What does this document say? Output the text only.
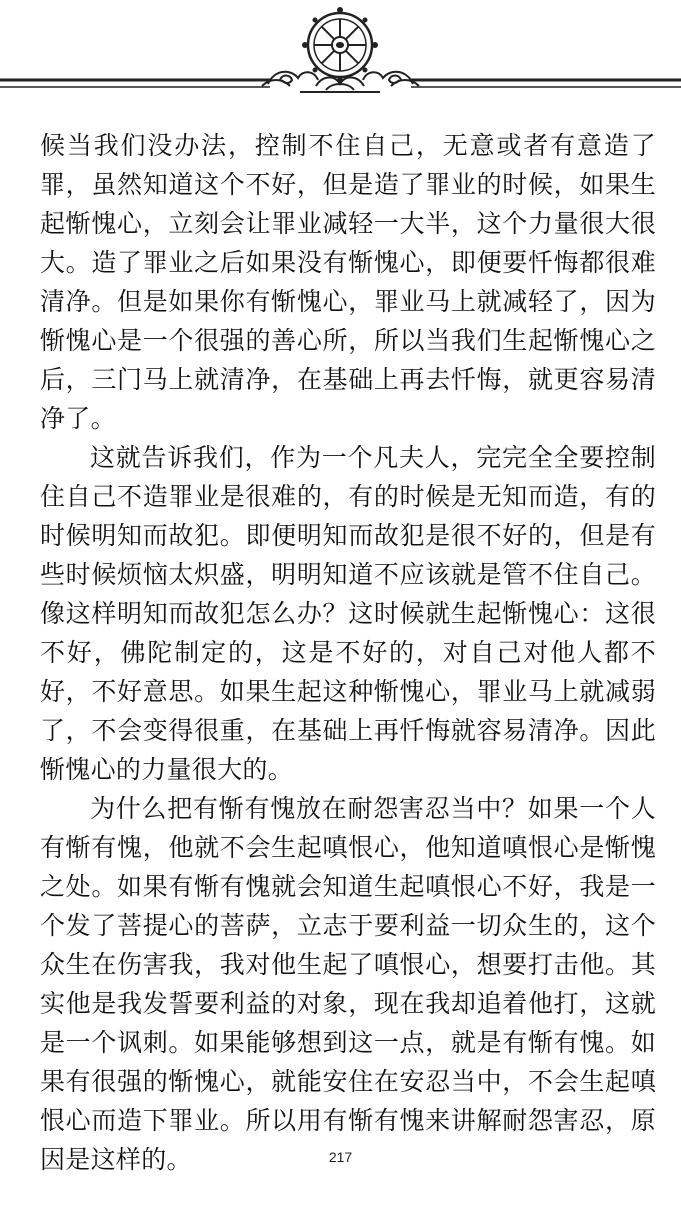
候当我们没办法，控制不住自己，无意或者有意造了罪，虽然知道这个不好，但是造了罪业的时候，如果生起惭愧心，立刻会让罪业减轻一大半，这个力量很大很大。造了罪业之后如果没有惭愧心，即便要忏悔都很难清净。但是如果你有惭愧心，罪业马上就减轻了，因为惭愧心是一个很强的善心所，所以当我们生起惭愧心之后，三门马上就清净，在基础上再去忏悔，就更容易清净了。

这就告诉我们，作为一个凡夫人，完完全全要控制住自己不造罪业是很难的，有的时候是无知而造，有的时候明知而故犯。即便明知而故犯是很不好的，但是有些时候烦恼太炽盛，明明知道不应该就是管不住自己。像这样明知而故犯怎么办？这时候就生起惭愧心：这很不好，佛陀制定的，这是不好的，对自己对他人都不好，不好意思。如果生起这种惭愧心，罪业马上就减弱了，不会变得很重，在基础上再忏悔就容易清净。因此惭愧心的力量很大的。

为什么把有惭有愧放在耐怨害忍当中？如果一个人有惭有愧，他就不会生起嗔恨心，他知道嗔恨心是惭愧之处。如果有惭有愧就会知道生起嗔恨心不好，我是一个发了菩提心的菩萨，立志于要利益一切众生的，这个众生在伤害我，我对他生起了嗔恨心，想要打击他。其实他是我发誓要利益的对象，现在我却追着他打，这就是一个讽刺。如果能够想到这一点，就是有惭有愧。如果有很强的惭愧心，就能安住在安忍当中，不会生起嗔恨心而造下罪业。所以用有惭有愧来讲解耐怨害忍，原因是这样的。	217
